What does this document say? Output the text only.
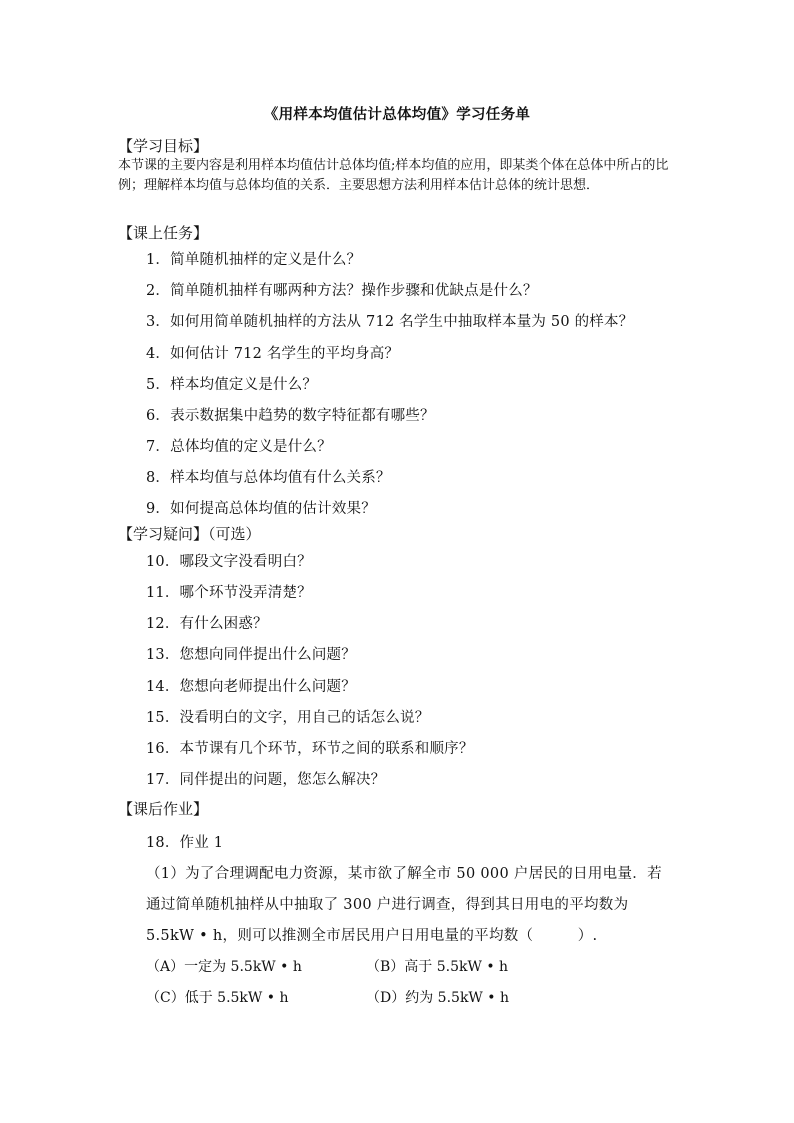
《用样本均值估计总体均值》学习任务单
【学习目标】
本节课的主要内容是利用样本均值估计总体均值;样本均值的应用，即某类个体在总体中所占的比例；理解样本均值与总体均值的关系．主要思想方法利用样本估计总体的统计思想．
【课上任务】
1．简单随机抽样的定义是什么？
2．简单随机抽样有哪两种方法？操作步骤和优缺点是什么？
3．如何用简单随机抽样的方法从 712 名学生中抽取样本量为 50 的样本？
4．如何估计 712 名学生的平均身高？
5．样本均值定义是什么？
6．表示数据集中趋势的数字特征都有哪些？
7．总体均值的定义是什么？
8．样本均值与总体均值有什么关系？
9．如何提高总体均值的估计效果？
【学习疑问】（可选）
10．哪段文字没看明白？
11．哪个环节没弄清楚？
12．有什么困惑？
13．您想向同伴提出什么问题？
14．您想向老师提出什么问题？
15．没看明白的文字，用自己的话怎么说？
16．本节课有几个环节，环节之间的联系和顺序？
17．同伴提出的问题，您怎么解决？
【课后作业】
18．作业 1
（1）为了合理调配电力资源，某市欲了解全市 50 000 户居民的日用电量．若
通过简单随机抽样从中抽取了 300 户进行调查，得到其日用电的平均数为
5.5kW • h，则可以推测全市居民用户日用电量的平均数（　　　）.
（A）一定为 5.5kW • h	（B）高于 5.5kW • h
（C）低于 5.5kW • h	（D）约为 5.5kW • h
